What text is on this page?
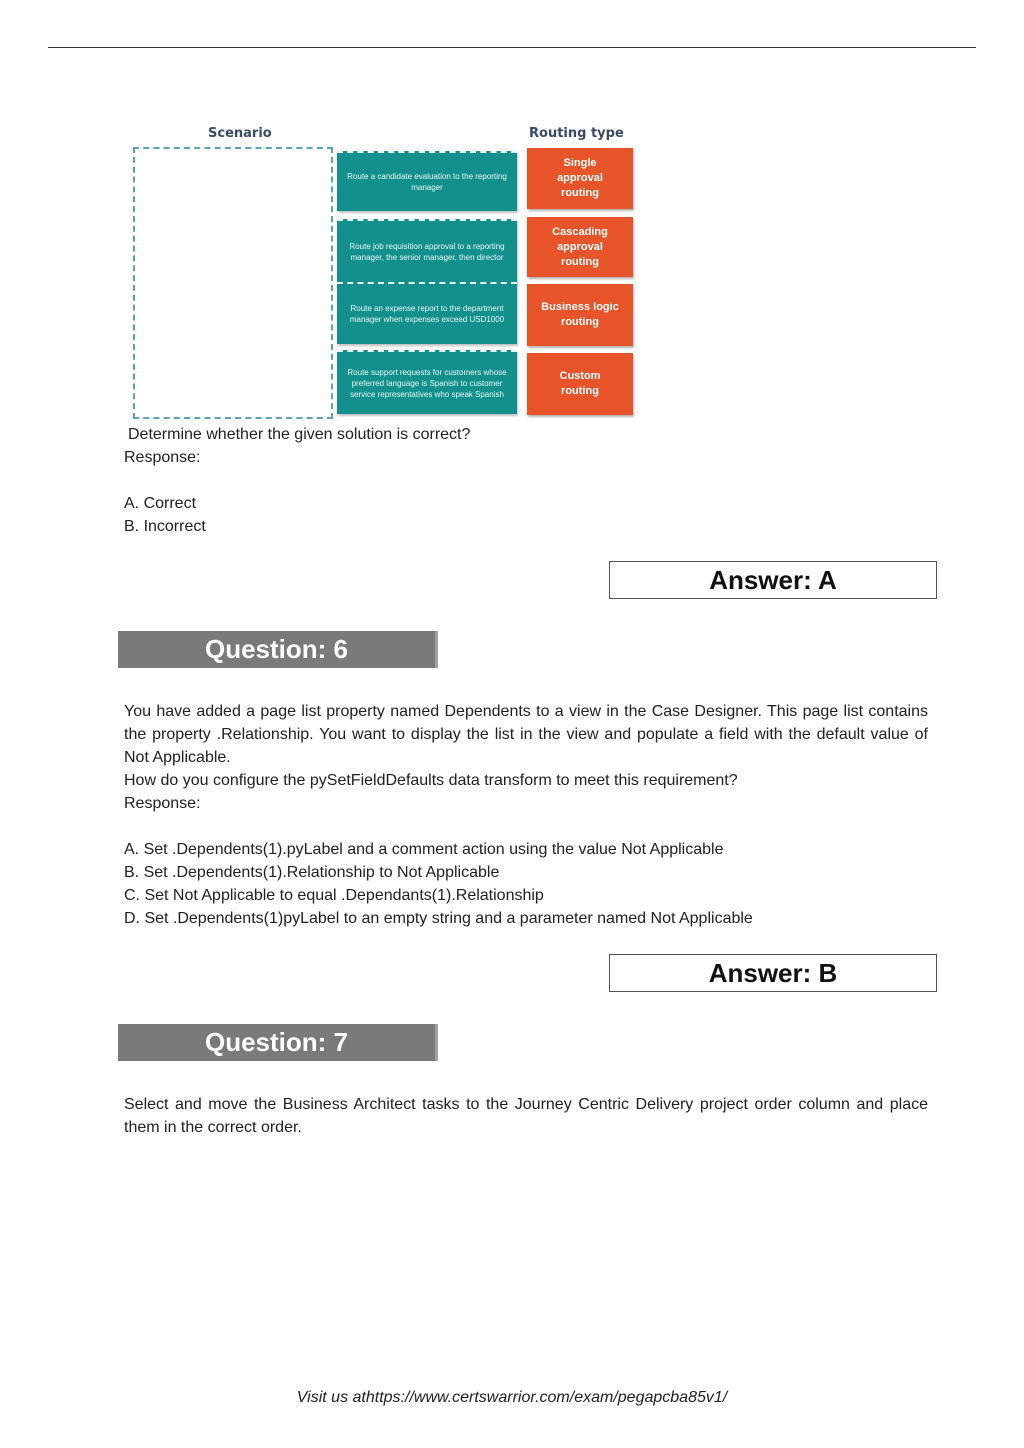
Scenario	Routing type
Route a candidate evaluation to the reporting manager
Route job requisition approval to a reporting manager, the senior manager, then director
Route an expense report to the department manager when expenses exceed USD1000
Route support requests for customers whose preferred language is Spanish to customer service representatives who speak Spanish
Single approval routing
Cascading approval routing
Business logic routing
Custom routing
Determine whether the given solution is correct?
Response:
A. Correct
B. Incorrect
Answer: A
Question: 6

You have added a page list property named Dependents to a view in the Case Designer. This page list contains the property .Relationship. You want to display the list in the view and populate a field with the default value of Not Applicable.

How do you configure the pySetFieldDefaults data transform to meet this requirement?

Response:

A. Set .Dependents(1).pyLabel and a comment action using the value Not Applicable

B. Set .Dependents(1).Relationship to Not Applicable

C. Set Not Applicable to equal .Dependants(1).Relationship

D. Set .Dependents(1)pyLabel to an empty string and a parameter named Not Applicable

Answer: B
Question: 7

Select and move the Business Architect tasks to the Journey Centric Delivery project order column and place them in the correct order.

Visit us athttps://www.certswarrior.com/exam/pegapcba85v1/
